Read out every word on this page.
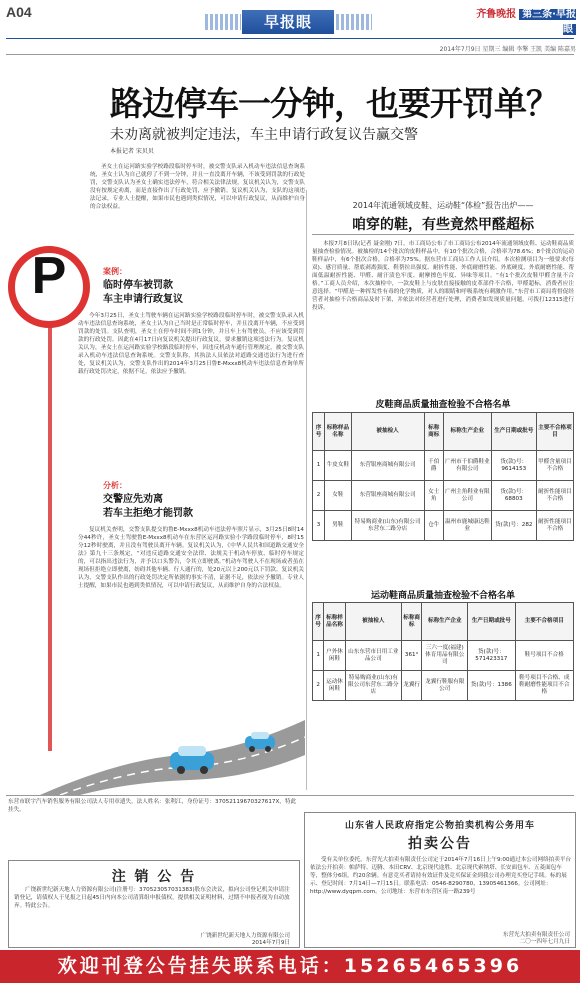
A04
早报眼	齐鲁晚报 第三条·早报眼
2014年7月9日 星期三 编辑 李擎 王凯 美编 陈嘉男
路边停车一分钟，也要开罚单？
未劝离就被判定违法，车主申请行政复议告赢交警
本报记者 宋贝贝
圣女土在运河路实验学校路段临时停车时，被交警支队录入机动车违法信息查询系统，圣女土认为自己就停了不到一分钟，并且一直没离开车辆，不该受到罚款的行政处罚，交警支队认为圣女土确实违法停车，符合相关法律法规，复议机关认为，交警支队没有按规定劝离，而是直接作出了行政处罚，应予撤销。复议机关认为，支队的这项违法记录，专业人士提醒，如果市民也遇到类似情况，可以申请行政复议，从而维护自身的合法权益。
P	案例：
临时停车被罚款
车主申请行政复议
今年3月25日，圣女土驾驶车辆在运河路实验学校路段临时停车时，被交警支队录入机动车违法信息查询系统，圣女土认为自己当时是正常临时停车，并且没离开车辆，不应受到罚款的处罚。支队查明，圣女土在停车时间不到1分钟，并且车上有驾驶员，不应该受到罚款的行政处罚。因此在4月17日向复议机关提出行政复议，要求撤销这项违法行为。复议机关认为，圣女土在运河路实验学校路段临时停车，因违反机动车通行管理规定，被交警支队录入机动车违法信息查询系统。交警支队称，其执法人员依法对道路交通违法行为进行查处，复议机关认为，交警支队作出的2014年3月25日鲁E-Mxxx8机动车违法信息查询单所载行政处罚决定，依据不足，依法应予撤销。
分析：
交警应先劝离
若车主拒绝才能罚款
复议机关查明，交警支队提交的鲁E-Mxxx8机动车违法停车照片显示，3月25日8时14分44秒许，圣女土驾驶鲁E-Mxxx8机动车在东营区运河路实验小学路段临时停车，8时15分12秒时驶离，并且没有驾驶员离开车辆。复议机关认为，《中华人民共和国道路交通安全法》第九十三条规定，“对违反道路交通安全法律、法规关于机动车停放、临时停车规定的，可以指出违法行为，并予以口头警告，令其立即驶离。”机动车驾驶人不在现场或者虽在现场但拒绝立即驶离，妨碍其他车辆、行人通行的，处20元以上200元以下罚款。复议机关认为，交警支队作出的行政处罚决定所依据的事实不清，证据不足，依法应予撤销。专业人士提醒，如果市民也遇到类似情况，可以申请行政复议，从而维护自身的合法权益。
2014年流通领域皮鞋、运动鞋“体检”报告出炉——
咱穿的鞋，有些竟然甲醛超标
本报7月8日讯(记者 聂金刚) 7日，市工商局公布了市工商局公布2014年流通领域皮鞋、运动鞋商品质量抽查检验情况。被抽检的14个批次的皮鞋样品中，有10个批次合格，合格率为78.6%；8个批次的运动鞋样品中，有6个批次合格，合格率为75%。据东营市工商局工作人员介绍，本次检测项目为一般要求(每双)、感官质量、帮底剥离强度、鞋帮拉出强度、耐折性能、外底耐磨性能、外底硬度、外底耐磨性能、帮面低温耐折性能、甲醛、耐汗渍色牢度、耐摩擦色牢度、异味等项目。“有1个批次皮鞋甲醛含量不合格。”工商人员介绍，本次抽检中，一款皮鞋上与皮肤直接接触的皮革部件不合格，甲醛超标，消费者应注意选择。“甲醛是一种挥发性有毒的化学物质，对人的眼睛和呼吸系统有刺激作用。”东营市工商局将督促经营者对抽检不合格商品及时下架，并依法对经营者进行处理，消费者如发现质量问题，可拨打12315进行投诉。
皮鞋商品质量抽查检验不合格名单
序号	标称样品名称	被抽检人	标称商标	标称生产企业	生产日期或批号	主要不合格项目
1	牛皮女鞋	东营银座商城有限公司	千伯爵	广州市千伯爵鞋业有限公司	货(款)号：9614153	甲醛含量项目不合格
2	女鞋	东营银座商城有限公司	女士角	广州主角鞋业有限公司	货(款)号：68803	耐折性能项目不合格
3	男鞋	特易购商业(山东)有限公司东营东二路分店	仓牛	温州市鹿城康达鞋业	货(款)号：282	耐折性能项目不合格
运动鞋商品质量抽查检验不合格名单
序号	标称样品名称	被抽检人	标称商标	标称生产企业	生产日期或批号	主要不合格项目
1	户外休闲鞋	山东东营市日用工业品公司	361°	三六一度(福建)体育用品有限公司	货(款)号：571423317	鞋号项目不合格
2	运动休闲鞋	特易购商业(山东)有限公司东营东二路分店	龙翼行	龙翼行鞋服有限公司	货(款)号：1386	鞋号项目不合格、成鞋耐磨性能项目不合格
东营市联宇汽车销售服务有限公司法人专用章遗失，法人姓名：张利江，身份证号：37052119670327617X，特此挂失。
注 销 公 告
广饶新世纪新天地人力资源有限公司(注册号：370523057031383)股东会决议，拟向公司登记机关申请注销登记，请债权人于见报之日起45日内向本公司清算组申报债权，提供相关证明材料，过期不申报者视为自动放弃。特此公告。
广饶新世纪新天地人力资源有限公司
2014年7月9日
山东省人民政府指定公物拍卖机构公务用车
拍卖公告
受有关单位委托，东营光大拍卖有限责任公司定于2014年7月16日上午9:00通过本公司网络拍卖平台依法公开拍卖：帕萨特、迈腾、本田CRV、北京现代途胜、北京现代索纳塔、长安面包车、五菱面包车等，整体分6组，约20余辆。有意竞买者请持有效证件及竞买保证金到我公司办理竞买登记手续。标的展示、登记时间：7月14日—7月15日。联系电话：0546-8290780、13905461366。公司网址：http://www.dyqpm.com。公司地址：东营市东营区南一路239号
东营光大拍卖有限责任公司
二〇一四年七月九日
欢迎刊登公告挂失联系电话：15265465396
